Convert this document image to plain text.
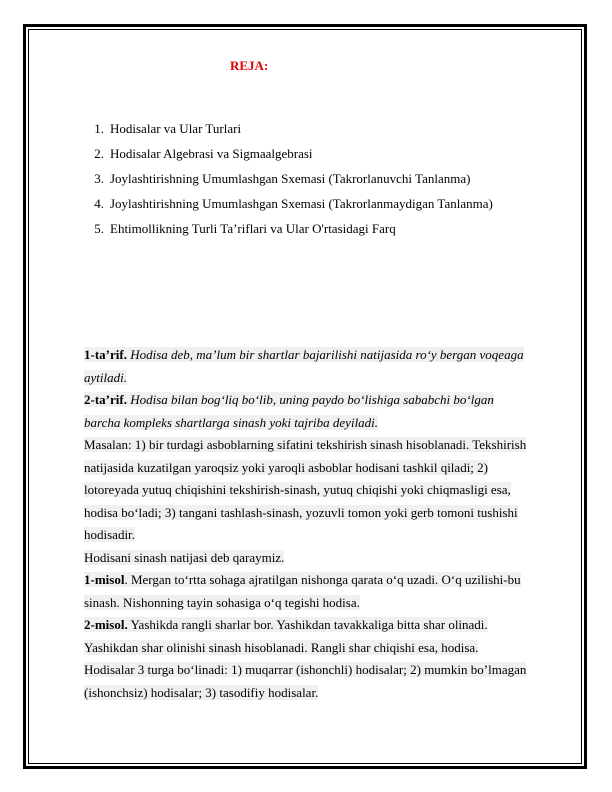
REJA:
1. Hodisalar va Ular Turlari
2. Hodisalar Algebrasi va Sigmaalgebrasi
3. Joylashtirishning Umumlashgan Sxemasi (Takrorlanuvchi Tanlanma)
4. Joylashtirishning Umumlashgan Sxemasi (Takrorlanmaydigan Tanlanma)
5. Ehtimollikning Turli Ta’riflari va Ular O'rtasidagi Farq
1-ta’rif. Hodisa deb, ma’lum bir shartlar bajarilishi natijasida ro‘y bergan voqeaga
aytiladi.
2-ta’rif. Hodisa bilan bog‘liq bo‘lib, uning paydo bo‘lishiga sababchi bo‘lgan
barcha kompleks shartlarga sinash yoki tajriba deyiladi.
Masalan: 1) bir turdagi asboblarning sifatini tekshirish sinash hisoblanadi. Tekshirish
natijasida kuzatilgan yaroqsiz yoki yaroqli asboblar hodisani tashkil qiladi; 2)
lotoreyada yutuq chiqishini tekshirish-sinash, yutuq chiqishi yoki chiqmasligi esa,
hodisa bo‘ladi; 3) tangani tashlash-sinash, yozuvli tomon yoki gerb tomoni tushishi
hodisadir.
Hodisani sinash natijasi deb qaraymiz.
1-misol. Mergan to‘rtta sohaga ajratilgan nishonga qarata o‘q uzadi. O‘q uzilishi-bu
sinash. Nishonning tayin sohasiga o‘q tegishi hodisa.
2-misol. Yashikda rangli sharlar bor. Yashikdan tavakkaliga bitta shar olinadi.
Yashikdan shar olinishi sinash hisoblanadi. Rangli shar chiqishi esa, hodisa.
Hodisalar 3 turga bo‘linadi: 1) muqarrar (ishonchli) hodisalar; 2) mumkin bo’lmagan
(ishonchsiz) hodisalar; 3) tasodifiy hodisalar.
